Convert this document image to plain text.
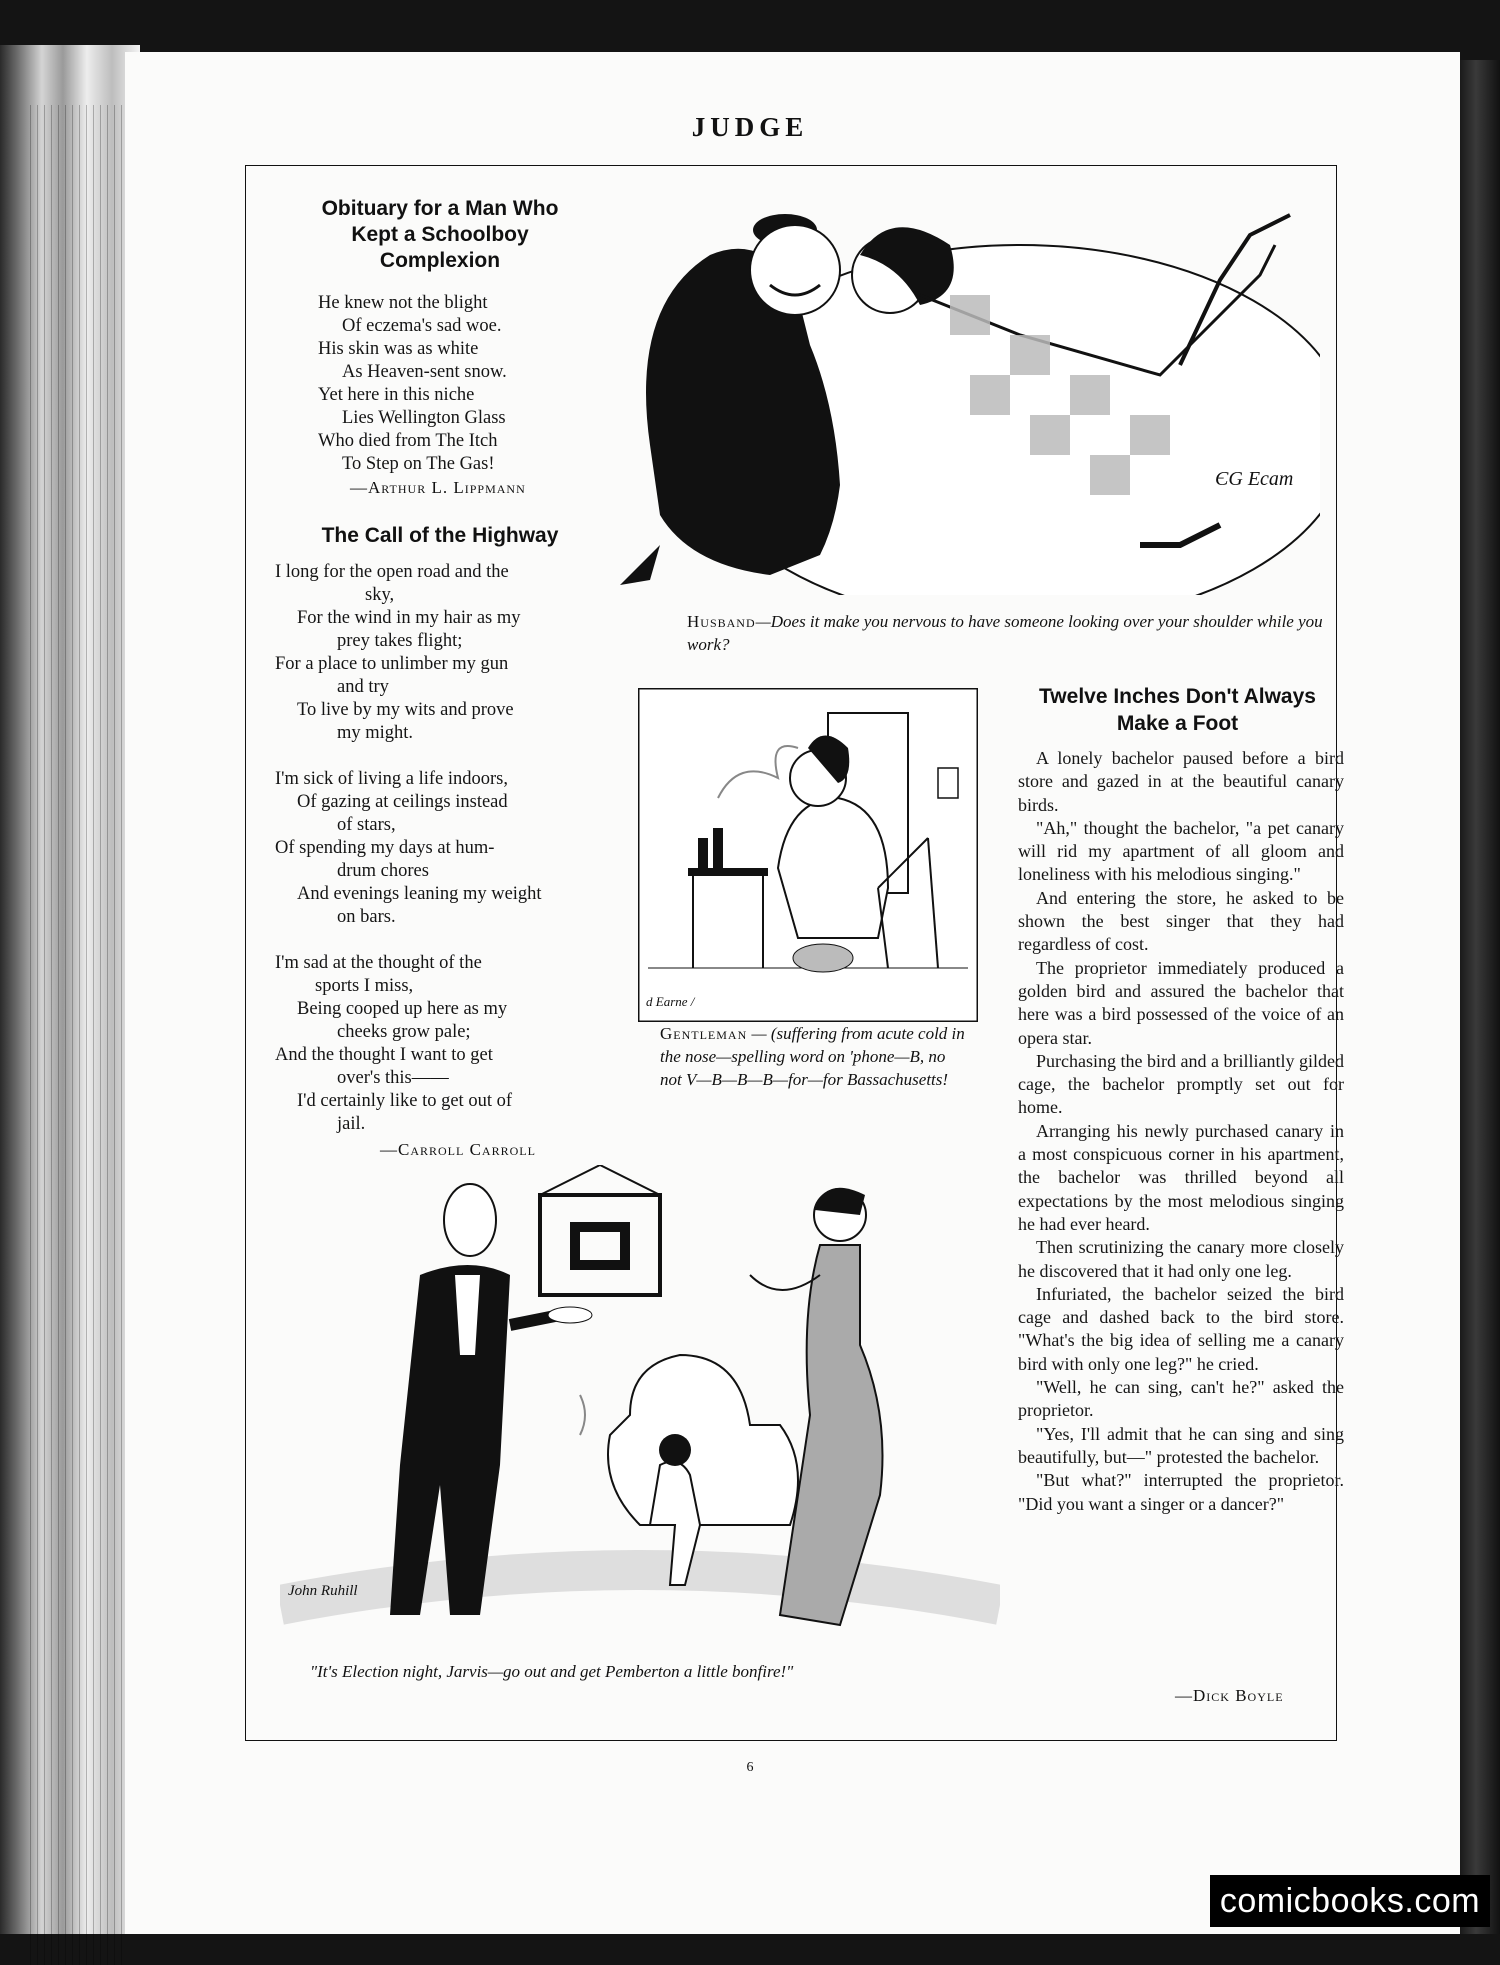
JUDGE
Obituary for a Man Who
Kept a Schoolboy
Complexion
He knew not the blight
Of eczema's sad woe.
His skin was as white
As Heaven-sent snow.
Yet here in this niche
Lies Wellington Glass
Who died from The Itch
To Step on The Gas!
—Arthur L. Lippmann
The Call of the Highway
I long for the open road and the
sky,
For the wind in my hair as my
prey takes flight;
For a place to unlimber my gun
and try
To live by my wits and prove
my might.
I'm sick of living a life indoors,
Of gazing at ceilings instead
of stars,
Of spending my days at hum-
drum chores
And evenings leaning my weight
on bars.
I'm sad at the thought of the
sports I miss,
Being cooped up here as my
cheeks grow pale;
And the thought I want to get
over's this——
I'd certainly like to get out of
jail.
—Carroll Carroll
ЄG Ecam
Husband—Does it make you nervous to have someone looking over your shoulder while you work?
d Earne /
Gentleman — (suffering from acute cold in the nose—spelling word on 'phone—B, no not V—B—B—B—for—for Bassachusetts!
Twelve Inches Don't Always
Make a Foot

A lonely bachelor paused before a bird store and gazed in at the beautiful canary birds.

"Ah," thought the bachelor, "a pet canary will rid my apartment of all gloom and loneliness with his melodious singing."

And entering the store, he asked to be shown the best singer that they had regardless of cost.

The proprietor immediately produced a golden bird and assured the bachelor that here was a bird possessed of the voice of an opera star.

Purchasing the bird and a brilliantly gilded cage, the bachelor promptly set out for home.

Arranging his newly purchased canary in a most conspicuous corner in his apartment, the bachelor was thrilled beyond all expectations by the most melodious singing he had ever heard.

Then scrutinizing the canary more closely he discovered that it had only one leg.

Infuriated, the bachelor seized the bird cage and dashed back to the bird store. "What's the big idea of selling me a canary bird with only one leg?" he cried.

"Well, he can sing, can't he?" asked the proprietor.

"Yes, I'll admit that he can sing and sing beautifully, but—" protested the bachelor.

"But what?" interrupted the proprietor. "Did you want a singer or a dancer?"

—Dick Boyle
John Ruhill
"It's Election night, Jarvis—go out and get Pemberton a little bonfire!"
6
comicbooks.com
